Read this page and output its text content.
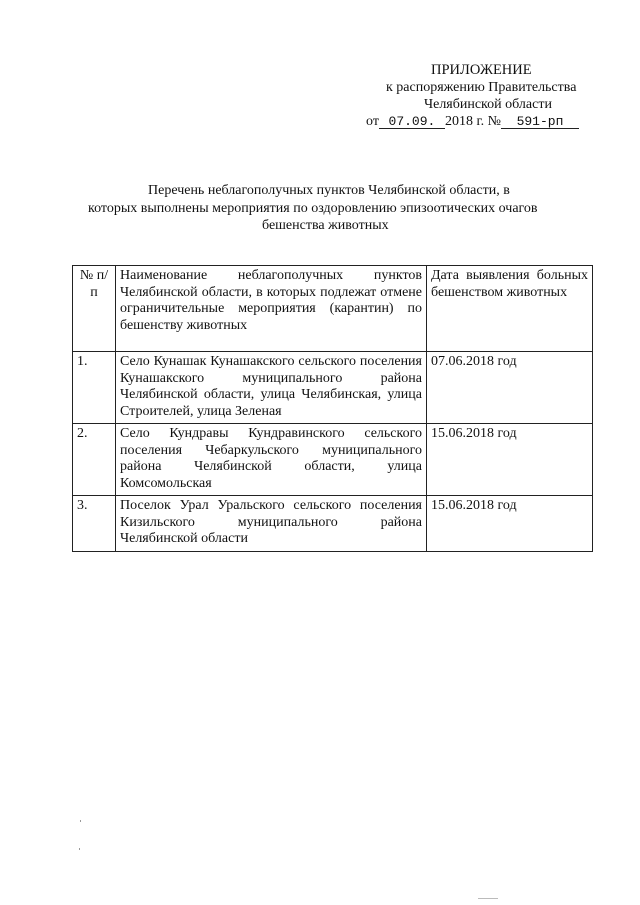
ПРИЛОЖЕНИЕ
к распоряжению Правительства
Челябинской области
от 07.09. 2018 г. № 591-рп
Перечень неблагополучных пунктов Челябинской области, в
которых выполнены мероприятия по оздоровлению эпизоотических очагов
бешенства животных
№ п/п	Наименование неблагополучных пунктов Челябинской области, в которых подлежат отмене ограничительные мероприятия (карантин) по бешенству животных	Дата выявления больных бешенством животных
1.	Село Кунашак Кунашакского сельского поселения Кунашакского муниципального района Челябинской области, улица Челябинская, улица Строителей, улица Зеленая	07.06.2018 год
2.	Село Кундравы Кундравинского сельского поселения Чебаркульского муниципального района Челябинской области, улица Комсомольская	15.06.2018 год
3.	Поселок Урал Уральского сельского поселения Кизильского муниципального района Челябинской области	15.06.2018 год
